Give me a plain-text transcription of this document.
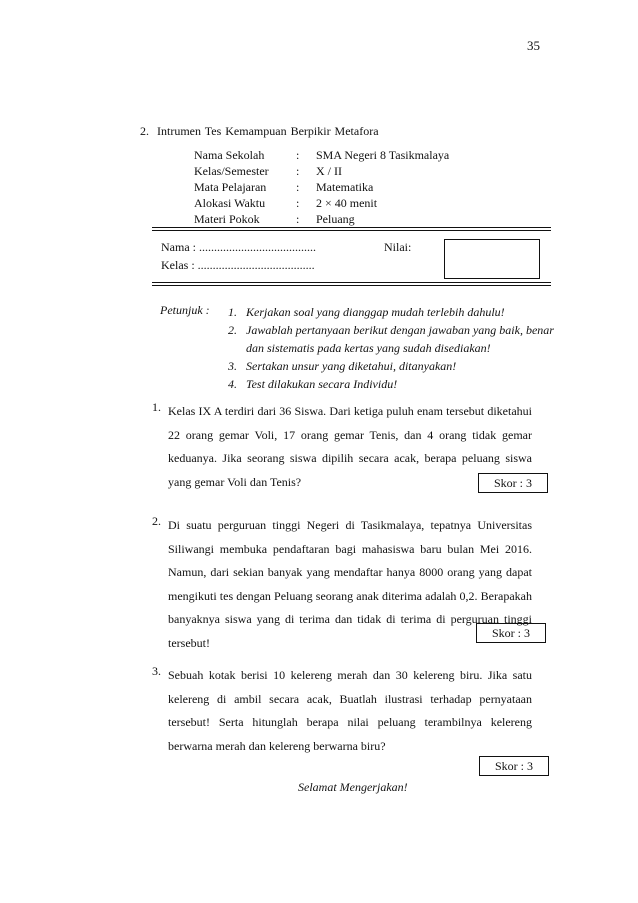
35
2. Intrumen Tes Kemampuan Berpikir Metafora
Nama Sekolah	: SMA Negeri 8 Tasikmalaya
Kelas/Semester	: X / II
Mata Pelajaran	: Matematika
Alokasi Waktu	: 2 × 40 menit
Materi Pokok	: Peluang
Nama : .......................................
Kelas : .......................................
Nilai:
Petunjuk : 1. Kerjakan soal yang dianggap mudah terlebih dahulu!
2. Jawablah pertanyaan berikut dengan jawaban yang baik, benar dan sistematis pada kertas yang sudah disediakan!
3. Sertakan unsur yang diketahui, ditanyakan!
4. Test dilakukan secara Individu!
1. Kelas IX A terdiri dari 36 Siswa. Dari ketiga puluh enam tersebut diketahui 22 orang gemar Voli, 17 orang gemar Tenis, dan 4 orang tidak gemar keduanya. Jika seorang siswa dipilih secara acak, berapa peluang siswa yang gemar Voli dan Tenis?	Skor : 3
2. Di suatu perguruan tinggi Negeri di Tasikmalaya, tepatnya Universitas Siliwangi membuka pendaftaran bagi mahasiswa baru bulan Mei 2016. Namun, dari sekian banyak yang mendaftar hanya 8000 orang yang dapat mengikuti tes dengan Peluang seorang anak diterima adalah 0,2. Berapakah banyaknya siswa yang di terima dan tidak di terima di perguruan tinggi tersebut!
Skor : 3
3. Sebuah kotak berisi 10 kelereng merah dan 30 kelereng biru. Jika satu kelereng di ambil secara acak, Buatlah ilustrasi terhadap pernyataan tersebut! Serta hitunglah berapa nilai peluang terambilnya kelereng berwarna merah dan kelereng berwarna biru?
Skor : 3
Selamat Mengerjakan!
